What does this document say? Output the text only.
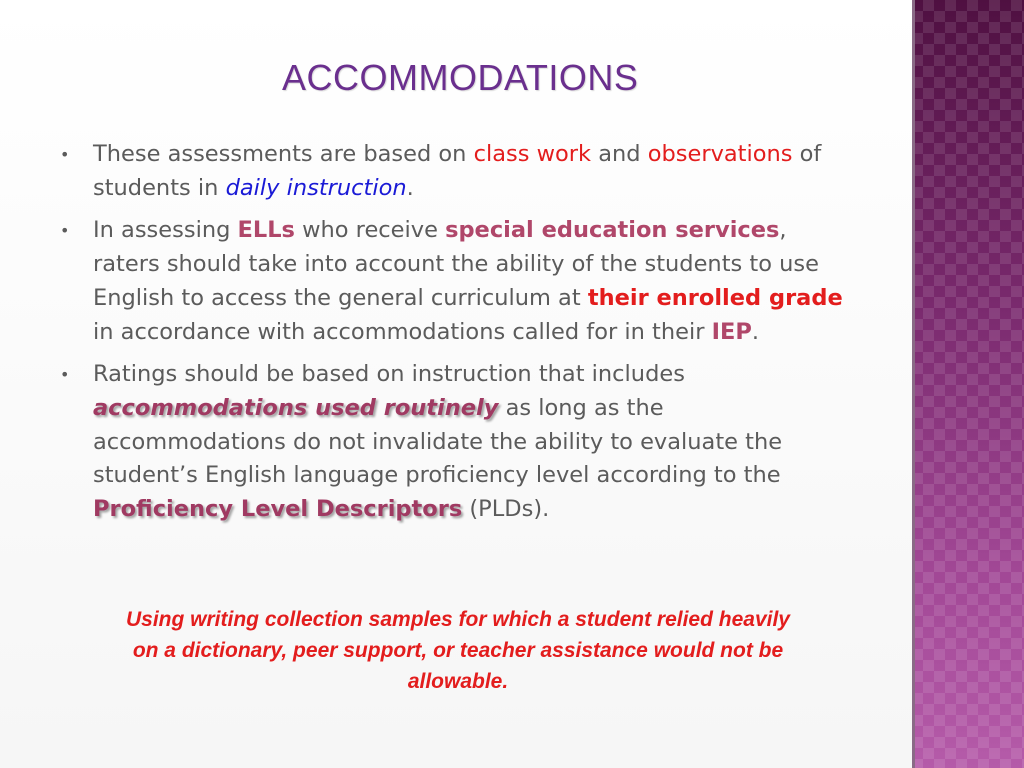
ACCOMMODATIONS
•	These assessments are based on class work and observations of students in daily instruction.
•	In assessing ELLs who receive special education services, raters should take into account the ability of the students to use English to access the general curriculum at their enrolled grade in accordance with accommodations called for in their IEP.
•	Ratings should be based on instruction that includes accommodations used routinely as long as the accommodations do not invalidate the ability to evaluate the student’s English language proficiency level according to the Proficiency Level Descriptors (PLDs).
Using writing collection samples for which a student relied heavily on a dictionary, peer support, or teacher assistance would not be allowable.
